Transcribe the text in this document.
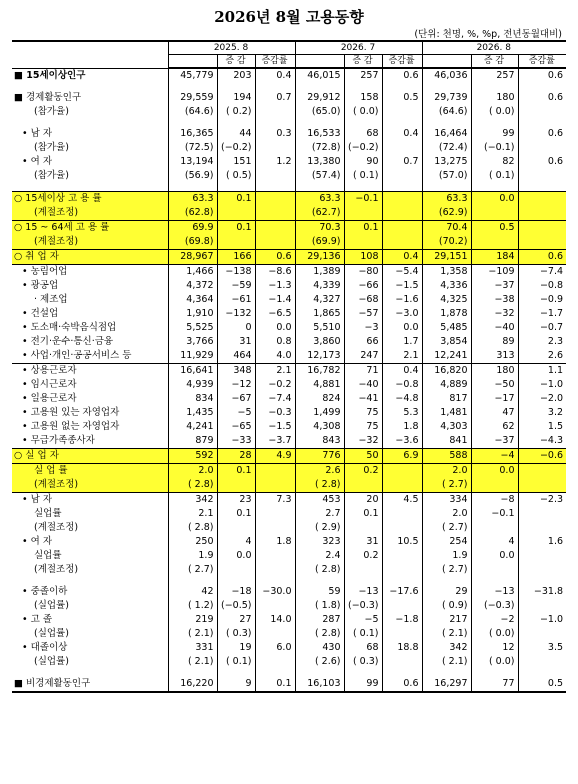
2026년 8월 고용동향
(단위: 천명, %, %p, 전년동월대비)
	2025. 8			2026. 7			2026. 8		
		증 감	증감률		증 감	증감률		증 감	증감률
■ 15세이상인구	45,779	203	0.4	46,015	257	0.6	46,036	257	0.6

■ 경제활동인구	29,559	194	0.7	29,912	158	0.5	29,739	180	0.6
(참가율)	(64.6)	( 0.2)		(65.0)	( 0.0)		(64.6)	( 0.0)	

• 남 자	16,365	44	0.3	16,533	68	0.4	16,464	99	0.6
(참가율)	(72.5)	(−0.2)		(72.8)	(−0.2)		(72.4)	(−0.1)	
• 여 자	13,194	151	1.2	13,380	90	0.7	13,275	82	0.6
(참가율)	(56.9)	( 0.5)		(57.4)	( 0.1)		(57.0)	( 0.1)	

○ 15세이상 고 용 률	63.3	0.1		63.3	−0.1		63.3	0.0	
(계절조정)	(62.8)			(62.7)			(62.9)		
○ 15 ~ 64세 고 용 률	69.9	0.1		70.3	0.1		70.4	0.5	
(계절조정)	(69.8)			(69.9)			(70.2)		
○ 취 업 자	28,967	166	0.6	29,136	108	0.4	29,151	184	0.6
• 농림어업	1,466	−138	−8.6	1,389	−80	−5.4	1,358	−109	−7.4
• 광공업	4,372	−59	−1.3	4,339	−66	−1.5	4,336	−37	−0.8
· 제조업	4,364	−61	−1.4	4,327	−68	−1.6	4,325	−38	−0.9
• 건설업	1,910	−132	−6.5	1,865	−57	−3.0	1,878	−32	−1.7
• 도소매·숙박음식점업	5,525	0	0.0	5,510	−3	0.0	5,485	−40	−0.7
• 전기·운수·통신·금융	3,766	31	0.8	3,860	66	1.7	3,854	89	2.3
• 사업·개인·공공서비스 등	11,929	464	4.0	12,173	247	2.1	12,241	313	2.6
• 상용근로자	16,641	348	2.1	16,782	71	0.4	16,820	180	1.1
• 임시근로자	4,939	−12	−0.2	4,881	−40	−0.8	4,889	−50	−1.0
• 일용근로자	834	−67	−7.4	824	−41	−4.8	817	−17	−2.0
• 고용원 있는 자영업자	1,435	−5	−0.3	1,499	75	5.3	1,481	47	3.2
• 고용원 없는 자영업자	4,241	−65	−1.5	4,308	75	1.8	4,303	62	1.5
• 무급가족종사자	879	−33	−3.7	843	−32	−3.6	841	−37	−4.3
○ 실 업 자	592	28	4.9	776	50	6.9	588	−4	−0.6
실 업 률	2.0	0.1		2.6	0.2		2.0	0.0	
(계절조정)	( 2.8)			( 2.8)			( 2.7)		
• 남 자	342	23	7.3	453	20	4.5	334	−8	−2.3
실업률	2.1	0.1		2.7	0.1		2.0	−0.1	
(계절조정)	( 2.8)			( 2.9)			( 2.7)		
• 여 자	250	4	1.8	323	31	10.5	254	4	1.6
실업률	1.9	0.0		2.4	0.2		1.9	0.0	
(계절조정)	( 2.7)			( 2.8)			( 2.7)		

• 중졸이하	42	−18	−30.0	59	−13	−17.6	29	−13	−31.8
(실업률)	( 1.2)	(−0.5)		( 1.8)	(−0.3)		( 0.9)	(−0.3)	
• 고 졸	219	27	14.0	287	−5	−1.8	217	−2	−1.0
(실업률)	( 2.1)	( 0.3)		( 2.8)	( 0.1)		( 2.1)	( 0.0)	
• 대졸이상	331	19	6.0	430	68	18.8	342	12	3.5
(실업률)	( 2.1)	( 0.1)		( 2.6)	( 0.3)		( 2.1)	( 0.0)	

■ 비경제활동인구	16,220	9	0.1	16,103	99	0.6	16,297	77	0.5
